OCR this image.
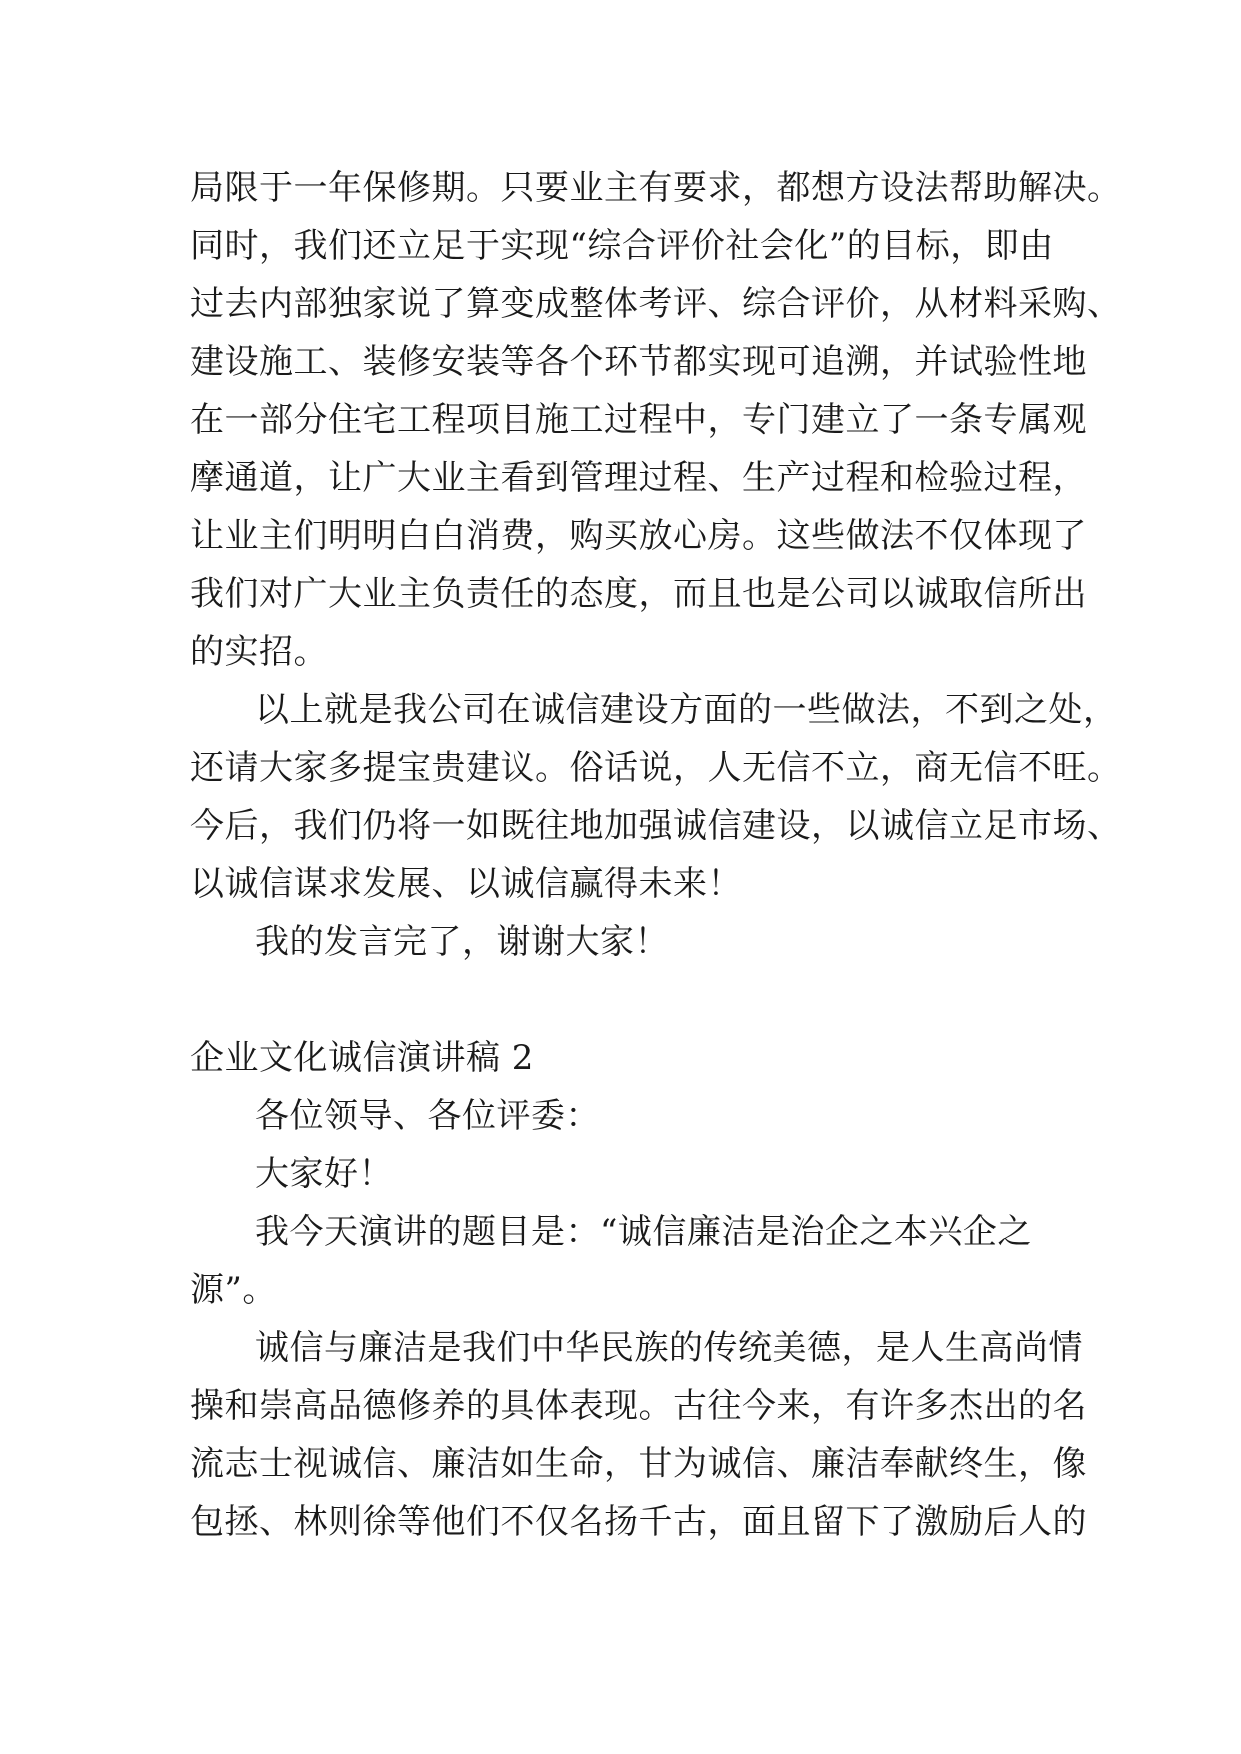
局限于一年保修期。只要业主有要求，都想方设法帮助解决。
同时，我们还立足于实现“综合评价社会化”的目标，即由
过去内部独家说了算变成整体考评、综合评价，从材料采购、
建设施工、装修安装等各个环节都实现可追溯，并试验性地
在一部分住宅工程项目施工过程中，专门建立了一条专属观
摩通道，让广大业主看到管理过程、生产过程和检验过程，
让业主们明明白白消费，购买放心房。这些做法不仅体现了
我们对广大业主负责任的态度，而且也是公司以诚取信所出
的实招。
以上就是我公司在诚信建设方面的一些做法，不到之处，
还请大家多提宝贵建议。俗话说，人无信不立，商无信不旺。
今后，我们仍将一如既往地加强诚信建设，以诚信立足市场、
以诚信谋求发展、以诚信赢得未来！
我的发言完了，谢谢大家！
企业文化诚信演讲稿 2
各位领导、各位评委：
大家好！
我今天演讲的题目是：“诚信廉洁是治企之本兴企之
源”。
诚信与廉洁是我们中华民族的传统美德，是人生高尚情
操和崇高品德修养的具体表现。古往今来，有许多杰出的名
流志士视诚信、廉洁如生命，甘为诚信、廉洁奉献终生，像
包拯、林则徐等他们不仅名扬千古，面且留下了激励后人的
